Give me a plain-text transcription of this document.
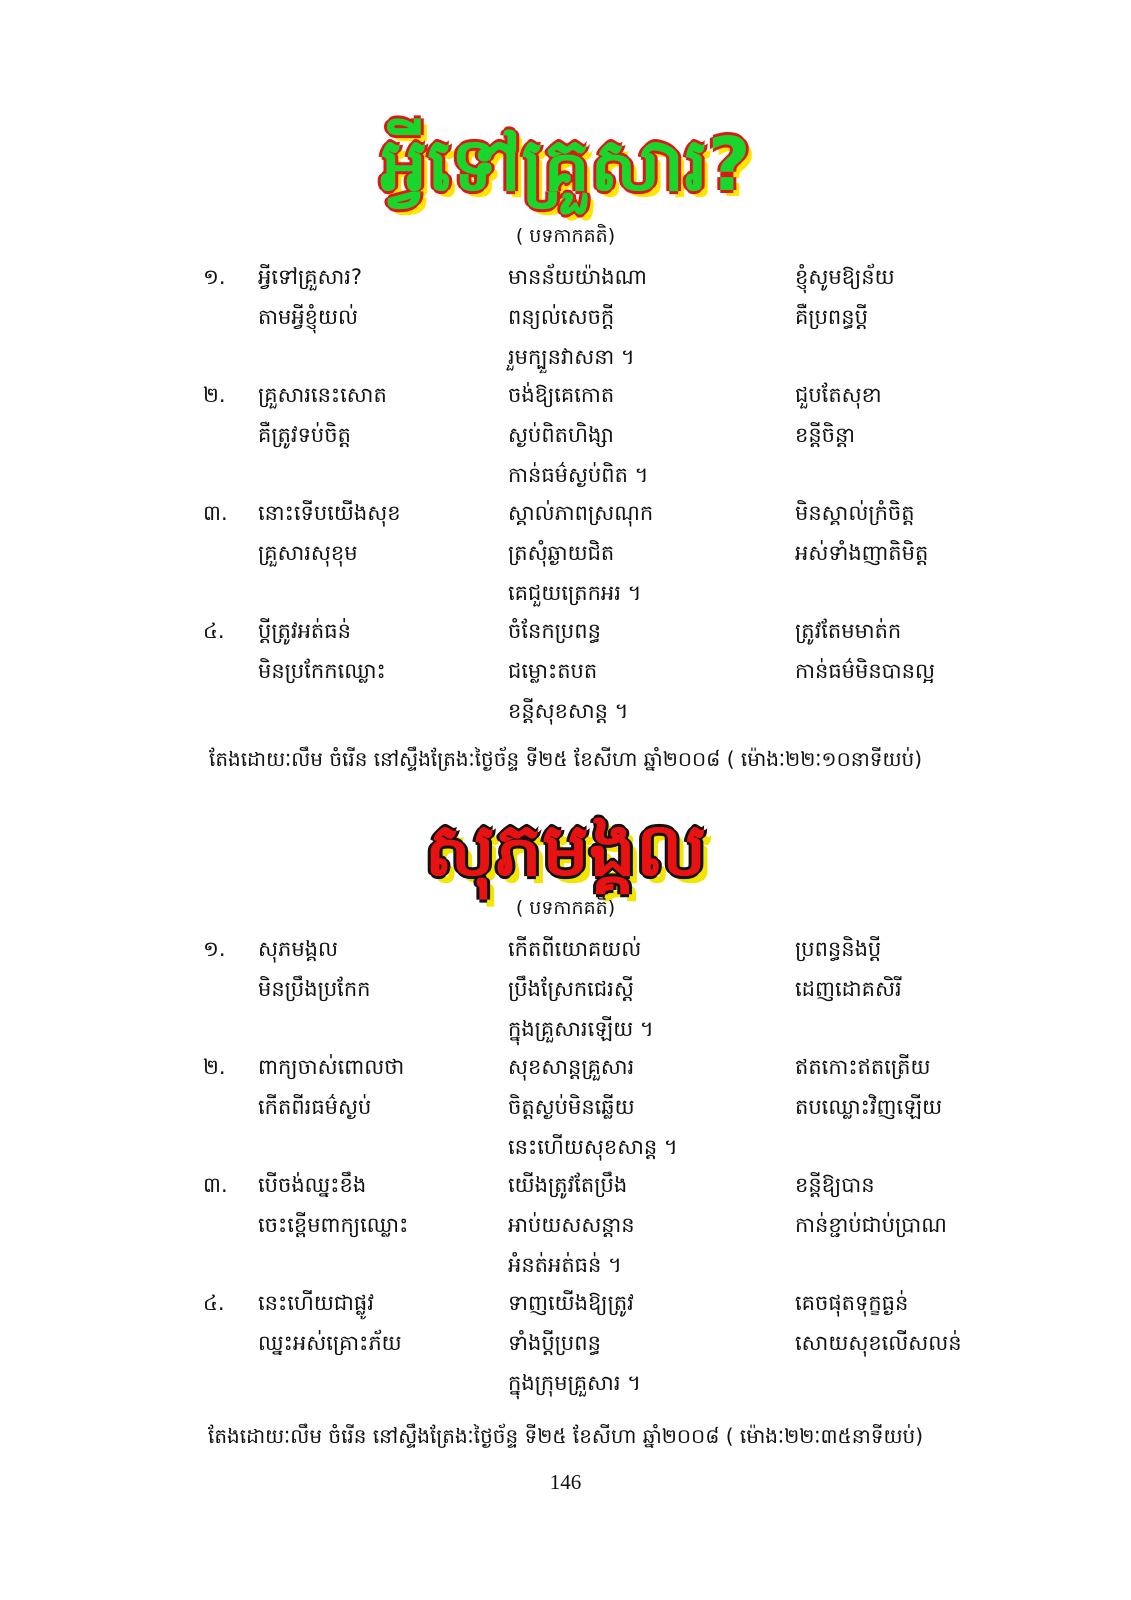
អ្វីទៅគ្រួសារ?
( បទកាកគតិ)
១. អ្វីទៅគ្រួសារ?	មានន័យយ៉ាងណា	ខ្ញុំសូមឱ្យន័យ
តាមអ្វីខ្ញុំយល់	ពន្យល់សេចក្ដី	គឺប្រពន្ធប្ដី
រួមក្បួនវាសនា ។
២. គ្រួសារនេះសោត	ចង់ឱ្យគេកោត	ជួបតែសុខា
គឺត្រូវទប់ចិត្ត	ស្ងប់ពិតហិង្សា	ខន្ដីចិន្ដា
កាន់ធម៌ស្ងប់ពិត ។
៣. នោះទើបយើងសុខ	ស្គាល់ភាពស្រណុក	មិនស្គាល់ក្រំចិត្ត
គ្រួសារសុខុម	ត្រសុំឆ្ងាយជិត	អស់ទាំងញាតិមិត្ត
គេជួយត្រេកអរ ។
៤. ប្ដីត្រូវអត់ធន់	ចំនែកប្រពន្ធ	ត្រូវតែមមាត់ក
មិនប្រកែកឈ្លោះ	ជម្លោះតបត	កាន់ធម៌មិនបានល្អ
ខន្ដីសុខសាន្ដ ។
តែងដោយៈលឹម ចំរើន នៅស្ទឹងត្រែងៈថ្ងៃច័ន្ទ ទី២៥ ខែសីហា ឆ្នាំ២០០៨ ( ម៉ោងៈ២២ៈ១០នាទីយប់)
សុភមង្គល
( បទកាកគតិ)
១. សុភមង្គល	កើតពីយោគយល់	ប្រពន្ធនិងប្ដី
មិនប្រឹងប្រកែក	ប្រឹងស្រែកជេរស្ដី	ដេញដោគសិរី
ក្នុងគ្រួសារឡើយ ។
២. ពាក្យចាស់ពោលថា	សុខសាន្ដគ្រួសារ	ឥតកោះឥតត្រើយ
កើតពីរធម៌ស្ងប់	ចិត្តស្ងប់មិនឆ្លើយ	តបឈ្លោះវិញឡើយ
នេះហើយសុខសាន្ដ ។
៣. បើចង់ឈ្នះខឹង	យើងត្រូវតែប្រឹង	ខន្ដីឱ្យបាន
ចេះខ្ពើមពាក្យឈ្លោះ	អាប់យសសន្ដាន	កាន់ខ្ជាប់ជាប់ប្រាណ
អំនត់អត់ធន់ ។
៤. នេះហើយជាផ្លូវ	ទាញយើងឱ្យត្រូវ	គេចផុតទុក្ខធ្ងន់
ឈ្នះអស់គ្រោះភ័យ	ទាំងប្ដីប្រពន្ធ	សោយសុខលើសលន់
ក្នុងក្រុមគ្រួសារ ។
តែងដោយៈលឹម ចំរើន នៅស្ទឹងត្រែងៈថ្ងៃច័ន្ទ ទី២៥ ខែសីហា ឆ្នាំ២០០៨ ( ម៉ោងៈ២២ៈ៣៥នាទីយប់)
146
